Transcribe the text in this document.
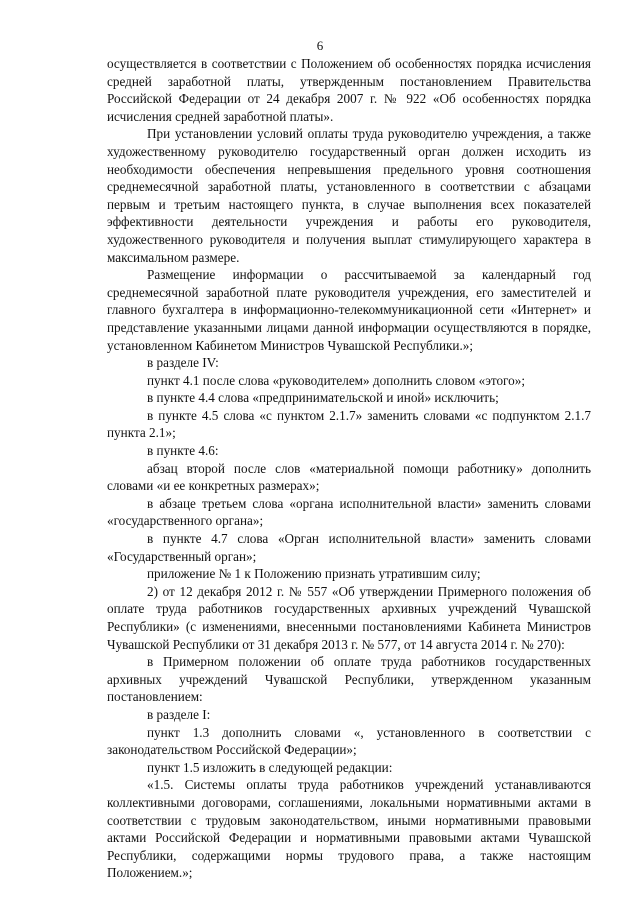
6

осуществляется в соответствии с Положением об особенностях порядка исчисления средней заработной платы, утвержденным постановлением Правительства Российской Федерации от 24 декабря 2007 г. № 922 «Об особенностях порядка исчисления средней заработной платы».

При установлении условий оплаты труда руководителю учреждения, а также художественному руководителю государственный орган должен исходить из необходимости обеспечения непревышения предельного уровня соотношения среднемесячной заработной платы, установленного в соответствии с абзацами первым и третьим настоящего пункта, в случае выполнения всех показателей эффективности деятельности учреждения и работы его руководителя, художественного руководителя и получения выплат стимулирующего характера в максимальном размере.

Размещение информации о рассчитываемой за календарный год среднемесячной заработной плате руководителя учреждения, его заместителей и главного бухгалтера в информационно-телекоммуникационной сети «Интернет» и представление указанными лицами данной информации осуществляются в порядке, установленном Кабинетом Министров Чувашской Республики.»;

в разделе IV:

пункт 4.1 после слова «руководителем» дополнить словом «этого»;

в пункте 4.4 слова «предпринимательской и иной» исключить;

в пункте 4.5 слова «с пунктом 2.1.7» заменить словами «с подпунктом 2.1.7 пункта 2.1»;

в пункте 4.6:

абзац второй после слов «материальной помощи работнику» дополнить словами «и ее конкретных размерах»;

в абзаце третьем слова «органа исполнительной власти» заменить словами «государственного органа»;

в пункте 4.7 слова «Орган исполнительной власти» заменить словами «Государственный орган»;

приложение № 1 к Положению признать утратившим силу;

2) от 12 декабря 2012 г. № 557 «Об утверждении Примерного положения об оплате труда работников государственных архивных учреждений Чувашской Республики» (с изменениями, внесенными постановлениями Кабинета Министров Чувашской Республики от 31 декабря 2013 г. № 577, от 14 августа 2014 г. № 270):

в Примерном положении об оплате труда работников государственных архивных учреждений Чувашской Республики, утвержденном указанным постановлением:

в разделе I:

пункт 1.3 дополнить словами «, установленного в соответствии с законодательством Российской Федерации»;

пункт 1.5 изложить в следующей редакции:

«1.5. Системы оплаты труда работников учреждений устанавливаются коллективными договорами, соглашениями, локальными нормативными актами в соответствии с трудовым законодательством, иными нормативными правовыми актами Российской Федерации и нормативными правовыми актами Чувашской Республики, содержащими нормы трудового права, а также настоящим Положением.»;
